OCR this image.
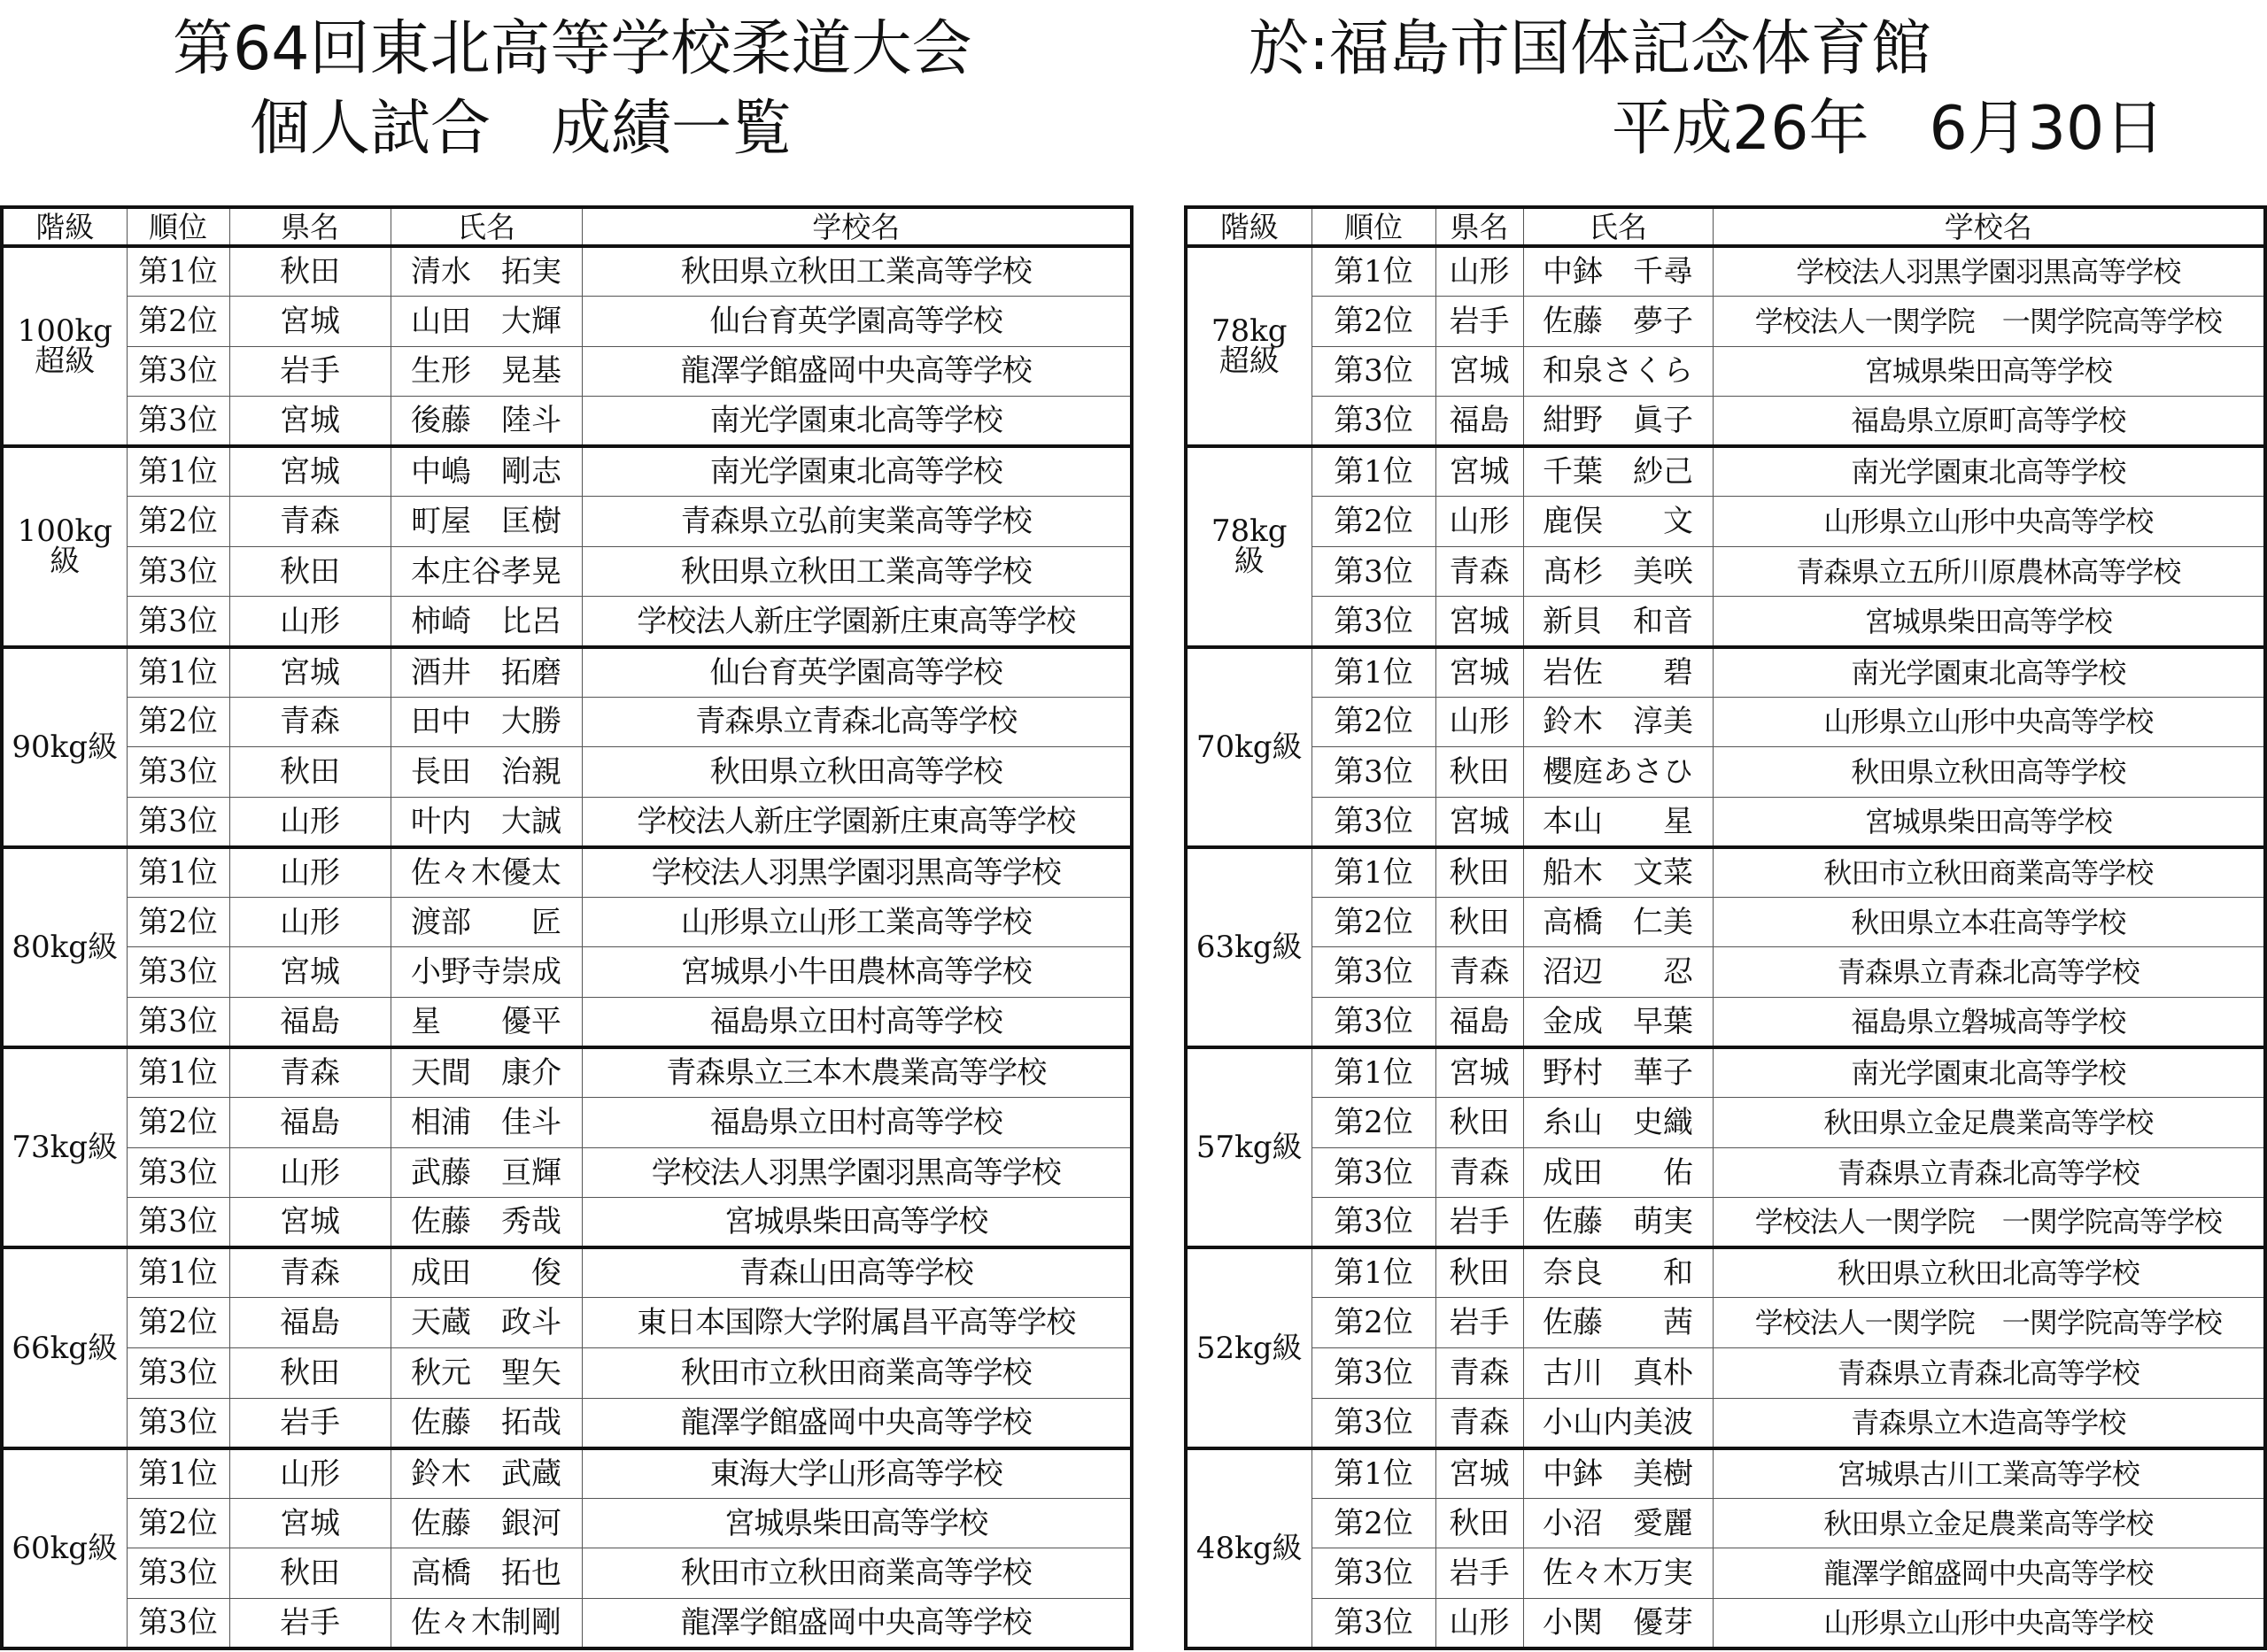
第64回東北高等学校柔道大会	於:福島市国体記念体育館
個人試合　成績一覧	平成26年　6月30日
階級	順位	県名	氏名	学校名
100kg
超級	第1位	秋田	清水　拓実	秋田県立秋田工業高等学校
	第2位	宮城	山田　大輝	仙台育英学園高等学校
	第3位	岩手	生形　晃基	龍澤学館盛岡中央高等学校
	第3位	宮城	後藤　陸斗	南光学園東北高等学校
100kg
級	第1位	宮城	中嶋　剛志	南光学園東北高等学校
	第2位	青森	町屋　匡樹	青森県立弘前実業高等学校
	第3位	秋田	本庄谷孝晃	秋田県立秋田工業高等学校
	第3位	山形	柿崎　比呂	学校法人新庄学園新庄東高等学校
90kg級	第1位	宮城	酒井　拓磨	仙台育英学園高等学校
	第2位	青森	田中　大勝	青森県立青森北高等学校
	第3位	秋田	長田　治親	秋田県立秋田高等学校
	第3位	山形	叶内　大誠	学校法人新庄学園新庄東高等学校
80kg級	第1位	山形	佐々木優太	学校法人羽黒学園羽黒高等学校
	第2位	山形	渡部　　匠	山形県立山形工業高等学校
	第3位	宮城	小野寺崇成	宮城県小牛田農林高等学校
	第3位	福島	星　　優平	福島県立田村高等学校
73kg級	第1位	青森	天間　康介	青森県立三本木農業高等学校
	第2位	福島	相浦　佳斗	福島県立田村高等学校
	第3位	山形	武藤　亘輝	学校法人羽黒学園羽黒高等学校
	第3位	宮城	佐藤　秀哉	宮城県柴田高等学校
66kg級	第1位	青森	成田　　俊	青森山田高等学校
	第2位	福島	天蔵　政斗	東日本国際大学附属昌平高等学校
	第3位	秋田	秋元　聖矢	秋田市立秋田商業高等学校
	第3位	岩手	佐藤　拓哉	龍澤学館盛岡中央高等学校
60kg級	第1位	山形	鈴木　武蔵	東海大学山形高等学校
	第2位	宮城	佐藤　銀河	宮城県柴田高等学校
	第3位	秋田	高橋　拓也	秋田市立秋田商業高等学校
	第3位	岩手	佐々木制剛	龍澤学館盛岡中央高等学校
階級	順位	県名	氏名	学校名
78kg
超級	第1位	山形	中鉢　千尋	学校法人羽黒学園羽黒高等学校
	第2位	岩手	佐藤　夢子	学校法人一関学院　一関学院高等学校
	第3位	宮城	和泉さくら	宮城県柴田高等学校
	第3位	福島	紺野　眞子	福島県立原町高等学校
78kg
級	第1位	宮城	千葉　紗己	南光学園東北高等学校
	第2位	山形	鹿俣　　文	山形県立山形中央高等学校
	第3位	青森	髙杉　美咲	青森県立五所川原農林高等学校
	第3位	宮城	新貝　和音	宮城県柴田高等学校
70kg級	第1位	宮城	岩佐　　碧	南光学園東北高等学校
	第2位	山形	鈴木　淳美	山形県立山形中央高等学校
	第3位	秋田	櫻庭あさひ	秋田県立秋田高等学校
	第3位	宮城	本山　　星	宮城県柴田高等学校
63kg級	第1位	秋田	船木　文菜	秋田市立秋田商業高等学校
	第2位	秋田	高橋　仁美	秋田県立本荘高等学校
	第3位	青森	沼辺　　忍	青森県立青森北高等学校
	第3位	福島	金成　早葉	福島県立磐城高等学校
57kg級	第1位	宮城	野村　華子	南光学園東北高等学校
	第2位	秋田	糸山　史織	秋田県立金足農業高等学校
	第3位	青森	成田　　佑	青森県立青森北高等学校
	第3位	岩手	佐藤　萌実	学校法人一関学院　一関学院高等学校
52kg級	第1位	秋田	奈良　　和	秋田県立秋田北高等学校
	第2位	岩手	佐藤　　茜	学校法人一関学院　一関学院高等学校
	第3位	青森	古川　真朴	青森県立青森北高等学校
	第3位	青森	小山内美波	青森県立木造高等学校
48kg級	第1位	宮城	中鉢　美樹	宮城県古川工業高等学校
	第2位	秋田	小沼　愛麗	秋田県立金足農業高等学校
	第3位	岩手	佐々木万実	龍澤学館盛岡中央高等学校
	第3位	山形	小関　優芽	山形県立山形中央高等学校
